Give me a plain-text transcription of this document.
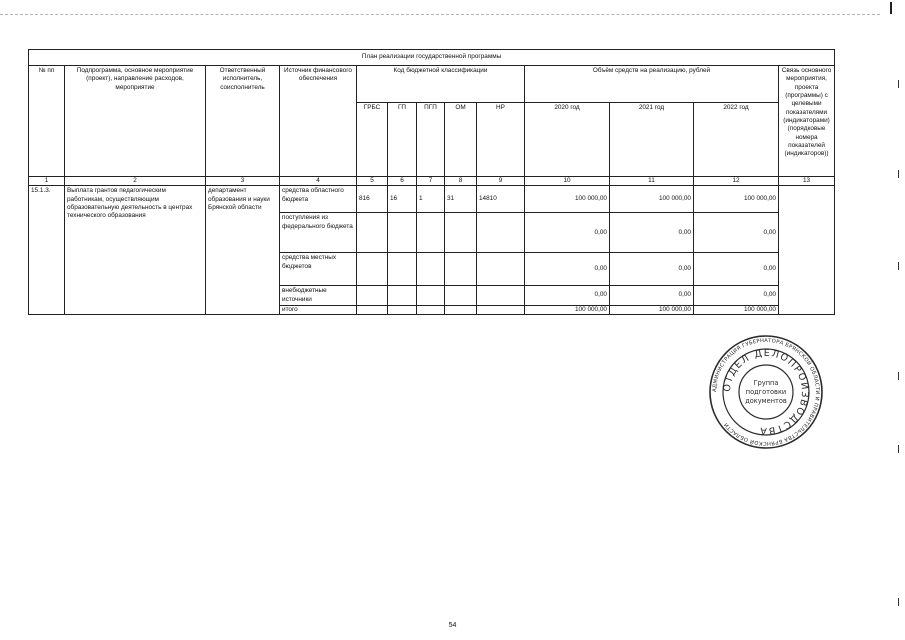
План реализации государственной программы												
№ пп	Подпрограмма, основное мероприятие (проект), направление расходов, мероприятие	Ответственный исполнитель, соисполнитель	Источник финансового обеспечения	Код бюджетной классификации					Объём средств на реализацию, рублей			Связь основного мероприятия, проекта (программы) с целевыми показателями (индикаторами) (порядковые номера показателей (индикаторов))
				ГРБС	ГП	ПГП	ОМ	НР	2020 год	2021 год	2022 год	
1	2	3	4	5	6	7	8	9	10	11	12	13
15.1.3.	Выплата грантов педагогическим работникам, осуществляющим образовательную деятельность в центрах технического образования	департамент образования и науки Брянской области	средства областного бюджета	816	16	1	31	14810	100 000,00	100 000,00	100 000,00	
			поступления из федерального бюджета						0,00	0,00	0,00	
			средства местных бюджетов						0,00	0,00	0,00	
			внебюджетные источники						0,00	0,00	0,00	
			итого						100 000,00	100 000,00	100 000,00	
АДМИНИСТРАЦИЯ ГУБЕРНАТОРА БРЯНСКОЙ ОБЛАСТИ И ПРАВИТЕЛЬСТВА БРЯНСКОЙ ОБЛАСТИ
ОТДЕЛ ДЕЛОПРОИЗВОДСТВА
Группа
подготовки
документов
54
